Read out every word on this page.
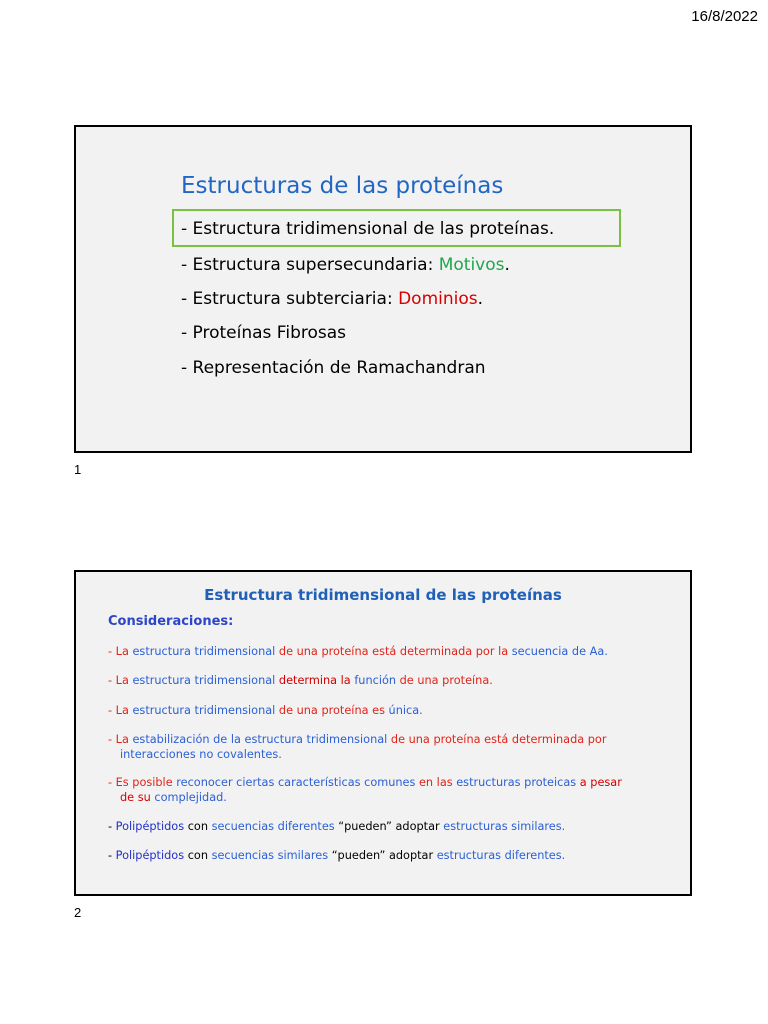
16/8/2022
Estructuras de las proteínas
- Estructura tridimensional de las proteínas.
- Estructura supersecundaria: Motivos.
- Estructura subterciaria: Dominios.
- Proteínas Fibrosas
- Representación de Ramachandran
1
Estructura tridimensional de las proteínas
Consideraciones:
- La estructura tridimensional de una proteína está determinada por la secuencia de Aa.
- La estructura tridimensional determina la función de una proteína.
- La estructura tridimensional de una proteína es única.
- La estabilización de la estructura tridimensional de una proteína está determinada por
interacciones no covalentes.
- Es posible reconocer ciertas características comunes en las estructuras proteicas a pesar
de su complejidad.
- Polipéptidos con secuencias diferentes “pueden” adoptar estructuras similares.
- Polipéptidos con secuencias similares “pueden” adoptar estructuras diferentes.
2
